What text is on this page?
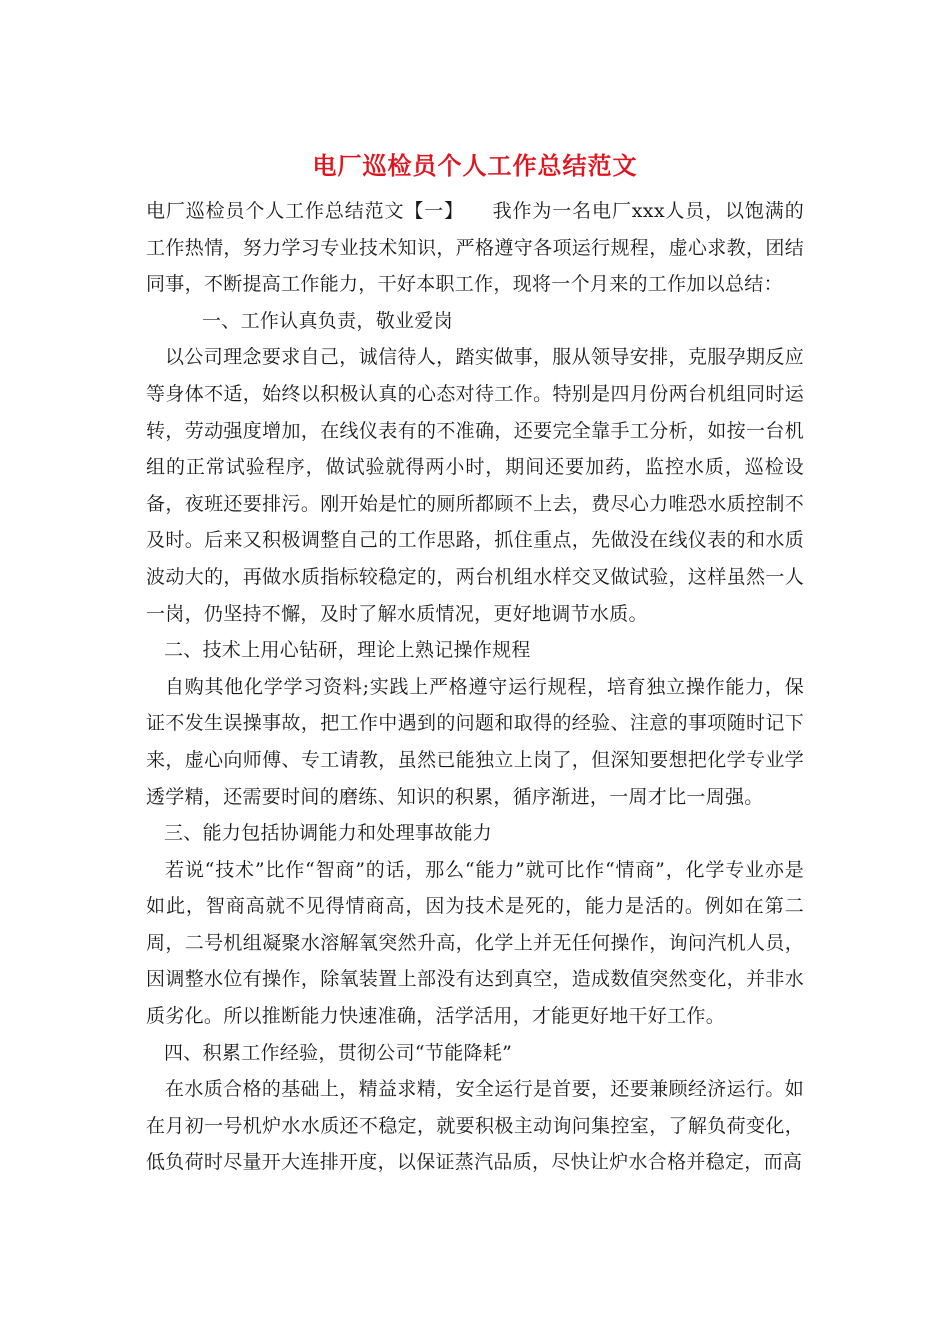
电厂巡检员个人工作总结范文

电厂巡检员个人工作总结范文【一】 我作为一名电厂xxx人员，以饱满的工作热情，努力学习专业技术知识，严格遵守各项运行规程，虚心求教，团结同事，不断提高工作能力，干好本职工作，现将一个月来的工作加以总结：

一、工作认真负责，敬业爱岗

以公司理念要求自己，诚信待人，踏实做事，服从领导安排，克服孕期反应等身体不适，始终以积极认真的心态对待工作。特别是四月份两台机组同时运转，劳动强度增加，在线仪表有的不准确，还要完全靠手工分析，如按一台机组的正常试验程序，做试验就得两小时，期间还要加药，监控水质，巡检设备，夜班还要排污。刚开始是忙的厕所都顾不上去，费尽心力唯恐水质控制不及时。后来又积极调整自己的工作思路，抓住重点，先做没在线仪表的和水质波动大的，再做水质指标较稳定的，两台机组水样交叉做试验，这样虽然一人一岗，仍坚持不懈，及时了解水质情况，更好地调节水质。

二、技术上用心钻研，理论上熟记操作规程

自购其他化学学习资料;实践上严格遵守运行规程，培育独立操作能力，保证不发生误操事故，把工作中遇到的问题和取得的经验、注意的事项随时记下来，虚心向师傅、专工请教，虽然已能独立上岗了，但深知要想把化学专业学透学精，还需要时间的磨练、知识的积累，循序渐进，一周才比一周强。

三、能力包括协调能力和处理事故能力

若说“技术”比作“智商”的话，那么“能力”就可比作“情商”，化学专业亦是如此，智商高就不见得情商高，因为技术是死的，能力是活的。例如在第二周，二号机组凝聚水溶解氧突然升高，化学上并无任何操作，询问汽机人员，因调整水位有操作，除氧装置上部没有达到真空，造成数值突然变化，并非水质劣化。所以推断能力快速准确，活学活用，才能更好地干好工作。

四、积累工作经验，贯彻公司“节能降耗”

在水质合格的基础上，精益求精，安全运行是首要，还要兼顾经济运行。如在月初一号机炉水水质还不稳定，就要积极主动询问集控室，了解负荷变化，低负荷时尽量开大连排开度，以保证蒸汽品质，尽快让炉水合格并稳定，而高
